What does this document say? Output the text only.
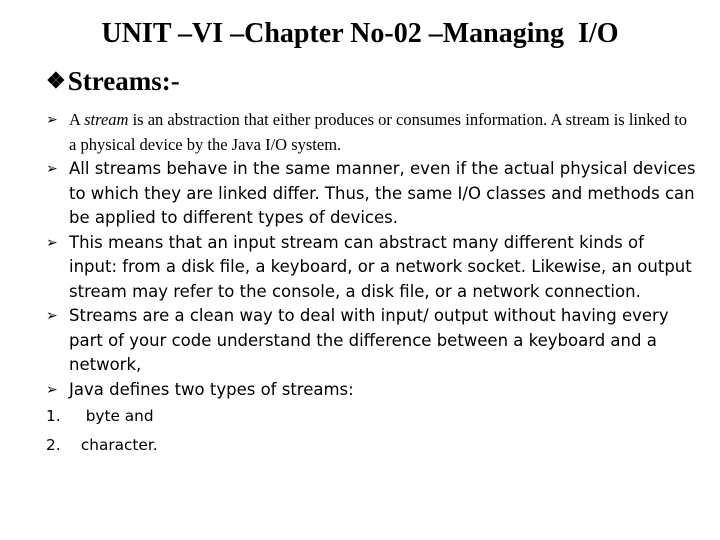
UNIT –VI –Chapter No-02 –Managing  I/O
❖ Streams:-
➢ A stream is an abstraction that either produces or consumes information. A stream is linked to a physical device by the Java I/O system.
➢ All streams behave in the same manner, even if the actual physical devices to which they are linked differ. Thus, the same I/O classes and methods can be applied to different types of devices.
➢ This means that an input stream can abstract many different kinds of input: from a disk file, a keyboard, or a network socket. Likewise, an output stream may refer to the console, a disk file, or a network connection.
➢ Streams are a clean way to deal with input/ output without having every part of your code understand the difference between a keyboard and a network,
➢ Java defines two types of streams:
1.  byte and
2. character.
